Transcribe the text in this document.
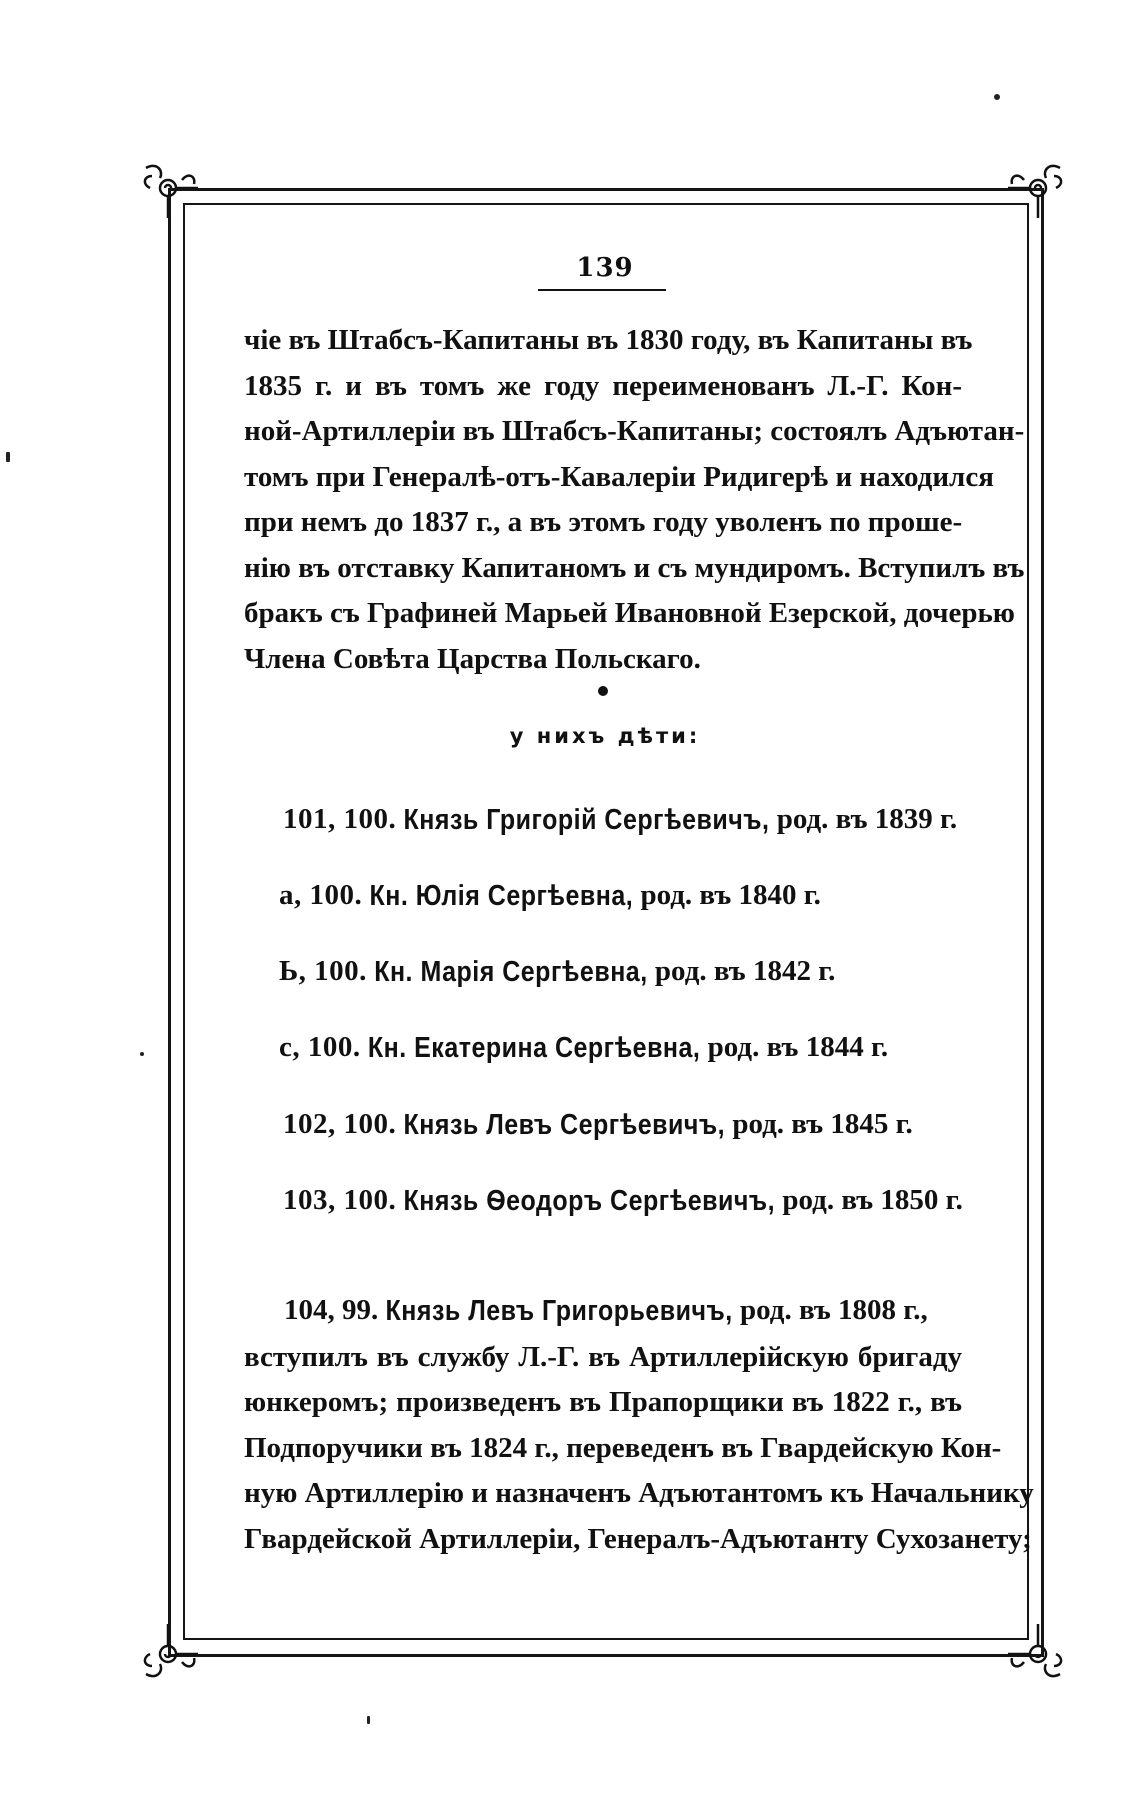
139
чіе въ Штабсъ-Капитаны въ 1830 году, въ Капитаны въ
1835 г. и въ томъ же году переименованъ Л.-Г. Кон-
ной-Артиллеріи въ Штабсъ-Капитаны; состоялъ Адъютан-
томъ при Генералѣ-отъ-Кавалеріи Ридигерѣ и находился
при немъ до 1837 г., а въ этомъ году уволенъ по проше-
нію въ отставку Капитаномъ и съ мундиромъ. Вступилъ въ
бракъ съ Графиней Марьей Ивановной Езерской, дочерью
Члена Совѣта Царства Польскаго.
у нихъ дѣти:
101, 100. Князь Григорій Сергѣевичъ, род. въ 1839 г.
а, 100. Кн. Юлія Сергѣевна, род. въ 1840 г.
Ь, 100. Кн. Марія Сергѣевна, род. въ 1842 г.
с, 100. Кн. Екатерина Сергѣевна, род. въ 1844 г.
102, 100. Князь Левъ Сергѣевичъ, род. въ 1845 г.
103, 100. Князь Ѳеодоръ Сергѣевичъ, род. въ 1850 г.
104, 99. Князь Левъ Григорьевичъ, род. въ 1808 г.,
вступилъ въ службу Л.-Г. въ Артиллерійскую бригаду
юнкеромъ; произведенъ въ Прапорщики въ 1822 г., въ
Подпоручики въ 1824 г., переведенъ въ Гвардейскую Кон-
ную Артиллерію и назначенъ Адъютантомъ къ Начальнику
Гвардейской Артиллеріи, Генералъ-Адъютанту Сухозанету;
